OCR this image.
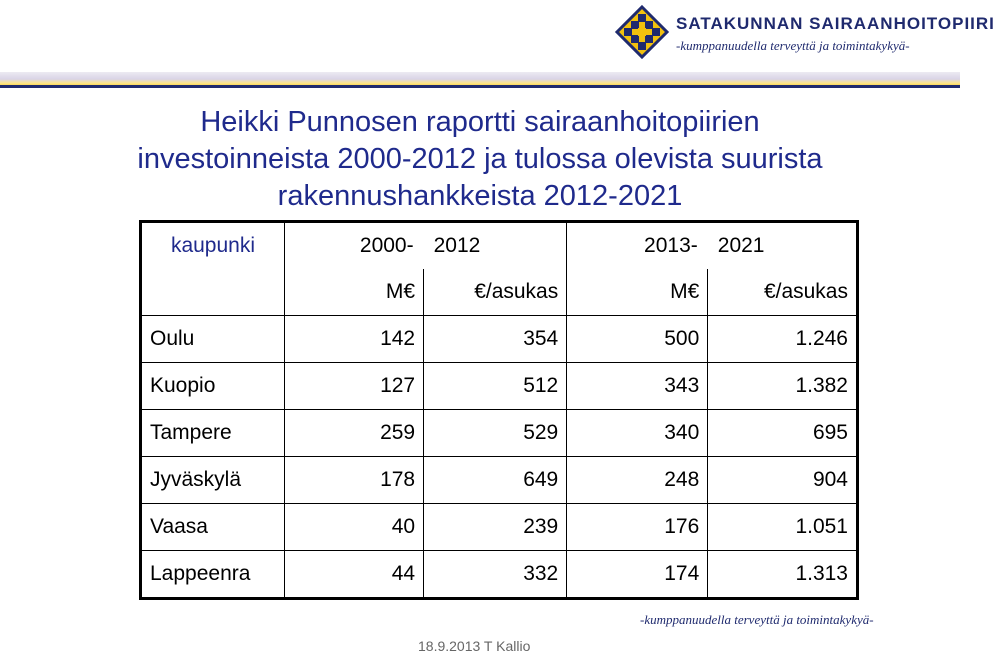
SATAKUNNAN SAIRAANHOITOPIIRI
-kumppanuudella terveyttä ja toimintakykyä-
Heikki Punnosen raportti sairaanhoitopiirien
investoinneista 2000-2012 ja tulossa olevista suurista
rakennushankkeista 2012-2021
kaupunki	2000-	2012	2013-	2021
	M€	€/asukas	M€	€/asukas
Oulu	142	354	500	1.246
Kuopio	127	512	343	1.382
Tampere	259	529	340	695
Jyväskylä	178	649	248	904
Vaasa	40	239	176	1.051
Lappeenra	44	332	174	1.313
-kumppanuudella terveyttä ja toimintakykyä-
18.9.2013 T Kallio
